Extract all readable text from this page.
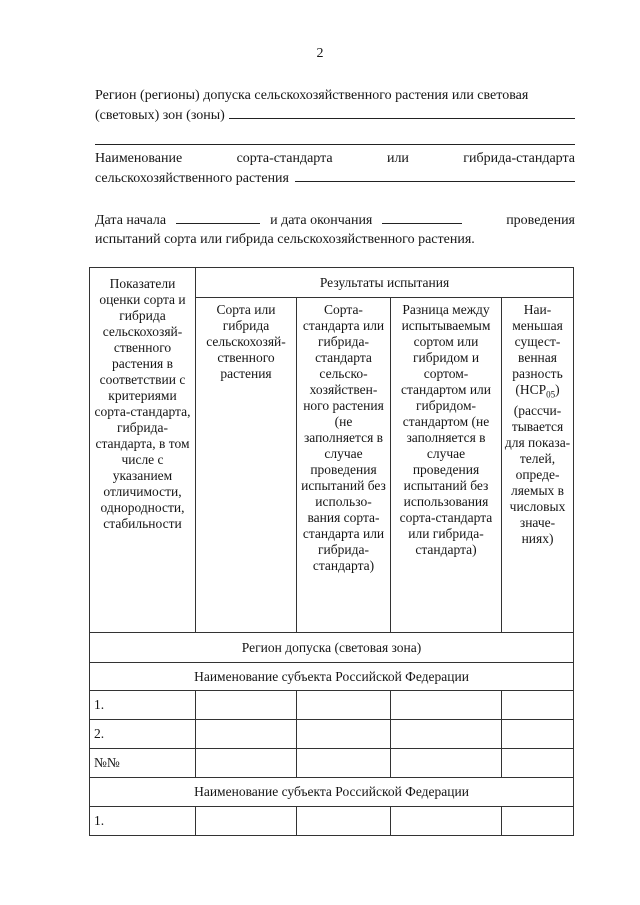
2
Регион (регионы) допуска сельскохозяйственного растения или световая
(световых) зон (зоны)
Наименование	сорта-стандарта	или	гибрида-стандарта
сельскохозяйственного растения
Дата начала	и дата окончания	проведения
испытаний сорта или гибрида сельскохозяйственного растения.
Показатели оценки сорта и гибрида сельскохозяй-ственного растения в соответствии с критериями сорта-стандарта, гибрида-стандарта, в том числе с указанием отличимости, однородности, стабильности	Результаты испытания			

	Сорта или гибрида сельскохозяй-ственного растения	Сорта-стандарта или гибрида-стандарта сельско-хозяйствен-ного растения (не заполняется в случае проведения испытаний без использо-вания сорта-стандарта или гибрида-стандарта)	Разница между испытываемым сортом или гибридом и сортом-стандартом или гибридом-стандартом (не заполняется в случае проведения испытаний без использования сорта-стандарта или гибрида-стандарта)	Наи-меньшая сущест-венная разность $(НСР_{05})$ (рассчи-тывается для показа-телей, опреде-ляемых в числовых значе-ниях)

Регион допуска (световая зона)				
Наименование субъекта Российской Федерации				
1.				
2.				
№№				
Наименование субъекта Российской Федерации				
1.				
